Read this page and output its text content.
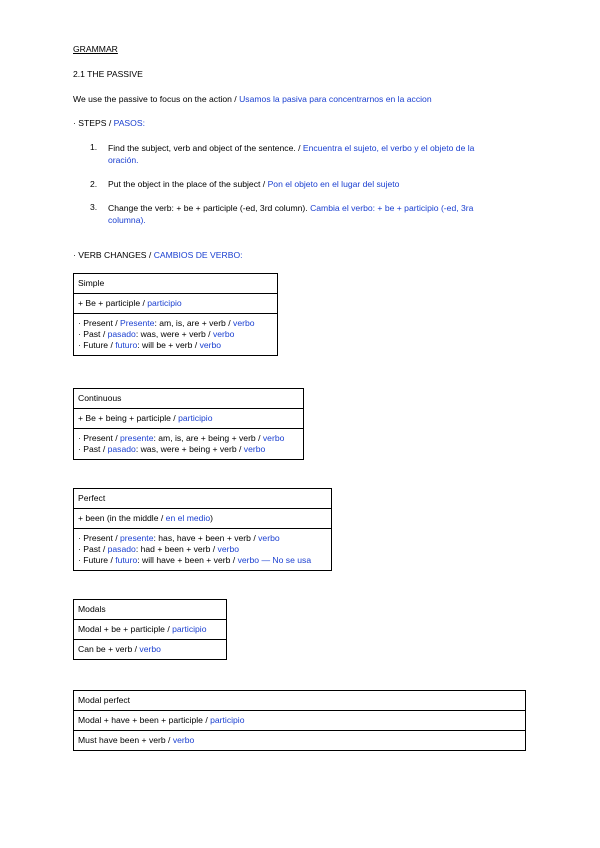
GRAMMAR
2.1 THE PASSIVE
We use the passive to focus on the action / Usamos la pasiva para concentrarnos en la accion
· STEPS / PASOS:
1. Find the subject, verb and object of the sentence. / Encuentra el sujeto, el verbo y el objeto de la
oración.
2. Put the object in the place of the subject / Pon el objeto en el lugar del sujeto
3. Change the verb: + be + participle (-ed, 3rd column). Cambia el verbo: + be + participio (-ed, 3ra
columna).
· VERB CHANGES / CAMBIOS DE VERBO:
Simple
+ Be + participle / participio

· Present / Presente: am, is, are + verb / verbo
· Past / pasado: was, were + verb / verbo
· Future / futuro: will be + verb / verbo
Continuous
+ Be + being + participle / participio

· Present / presente: am, is, are + being + verb / verbo
· Past / pasado: was, were + being + verb / verbo
Perfect
+ been (in the middle / en el medio)

· Present / presente: has, have + been + verb / verbo
· Past / pasado: had + been + verb / verbo
· Future / futuro: will have + been + verb / verbo — No se usa
Modals
Modal + be + participle / participio
Can be + verb / verbo
Modal perfect
Modal + have + been + participle / participio
Must have been + verb / verbo
